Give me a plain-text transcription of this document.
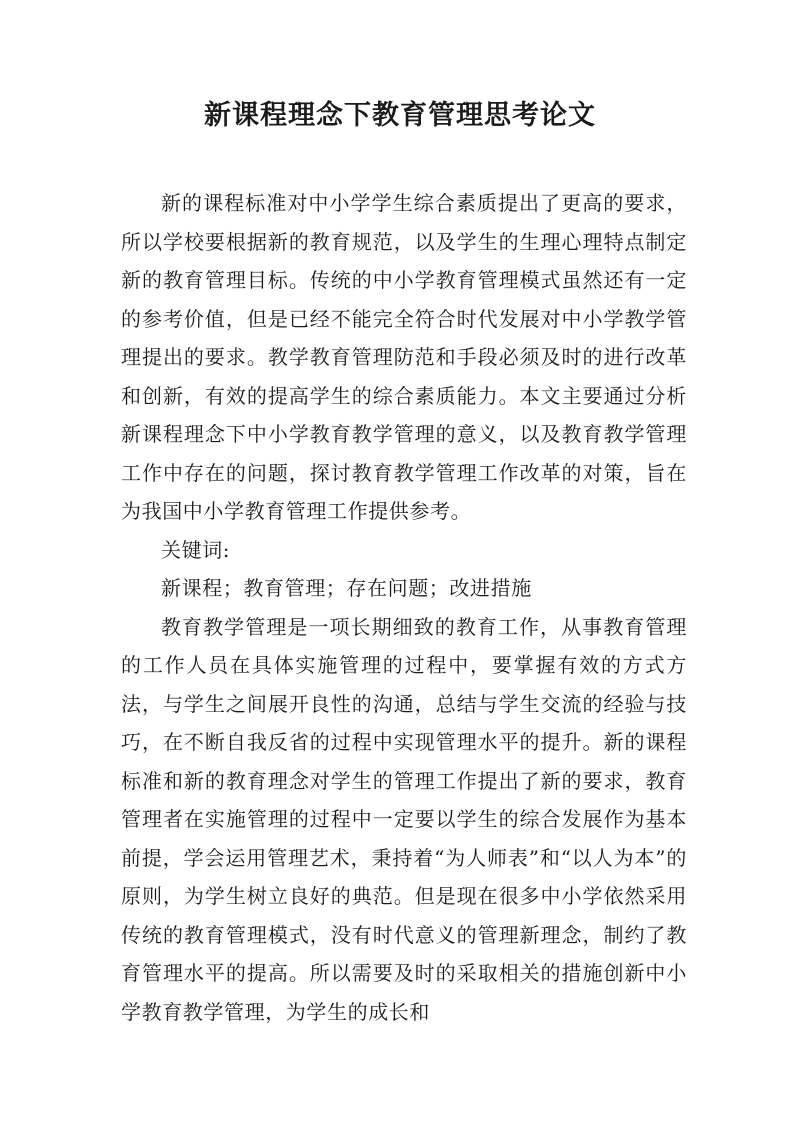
新课程理念下教育管理思考论文

新的课程标准对中小学学生综合素质提出了更高的要求，所以学校要根据新的教育规范，以及学生的生理心理特点制定新的教育管理目标。传统的中小学教育管理模式虽然还有一定的参考价值，但是已经不能完全符合时代发展对中小学教学管理提出的要求。教学教育管理防范和手段必须及时的进行改革和创新，有效的提高学生的综合素质能力。本文主要通过分析新课程理念下中小学教育教学管理的意义，以及教育教学管理工作中存在的问题，探讨教育教学管理工作改革的对策，旨在为我国中小学教育管理工作提供参考。

关键词:

新课程；教育管理；存在问题；改进措施

教育教学管理是一项长期细致的教育工作，从事教育管理的工作人员在具体实施管理的过程中，要掌握有效的方式方法，与学生之间展开良性的沟通，总结与学生交流的经验与技巧，在不断自我反省的过程中实现管理水平的提升。新的课程标准和新的教育理念对学生的管理工作提出了新的要求，教育管理者在实施管理的过程中一定要以学生的综合发展作为基本前提，学会运用管理艺术，秉持着“为人师表”和“以人为本”的原则，为学生树立良好的典范。但是现在很多中小学依然采用传统的教育管理模式，没有时代意义的管理新理念，制约了教育管理水平的提高。所以需要及时的采取相关的措施创新中小学教育教学管理，为学生的成长和
